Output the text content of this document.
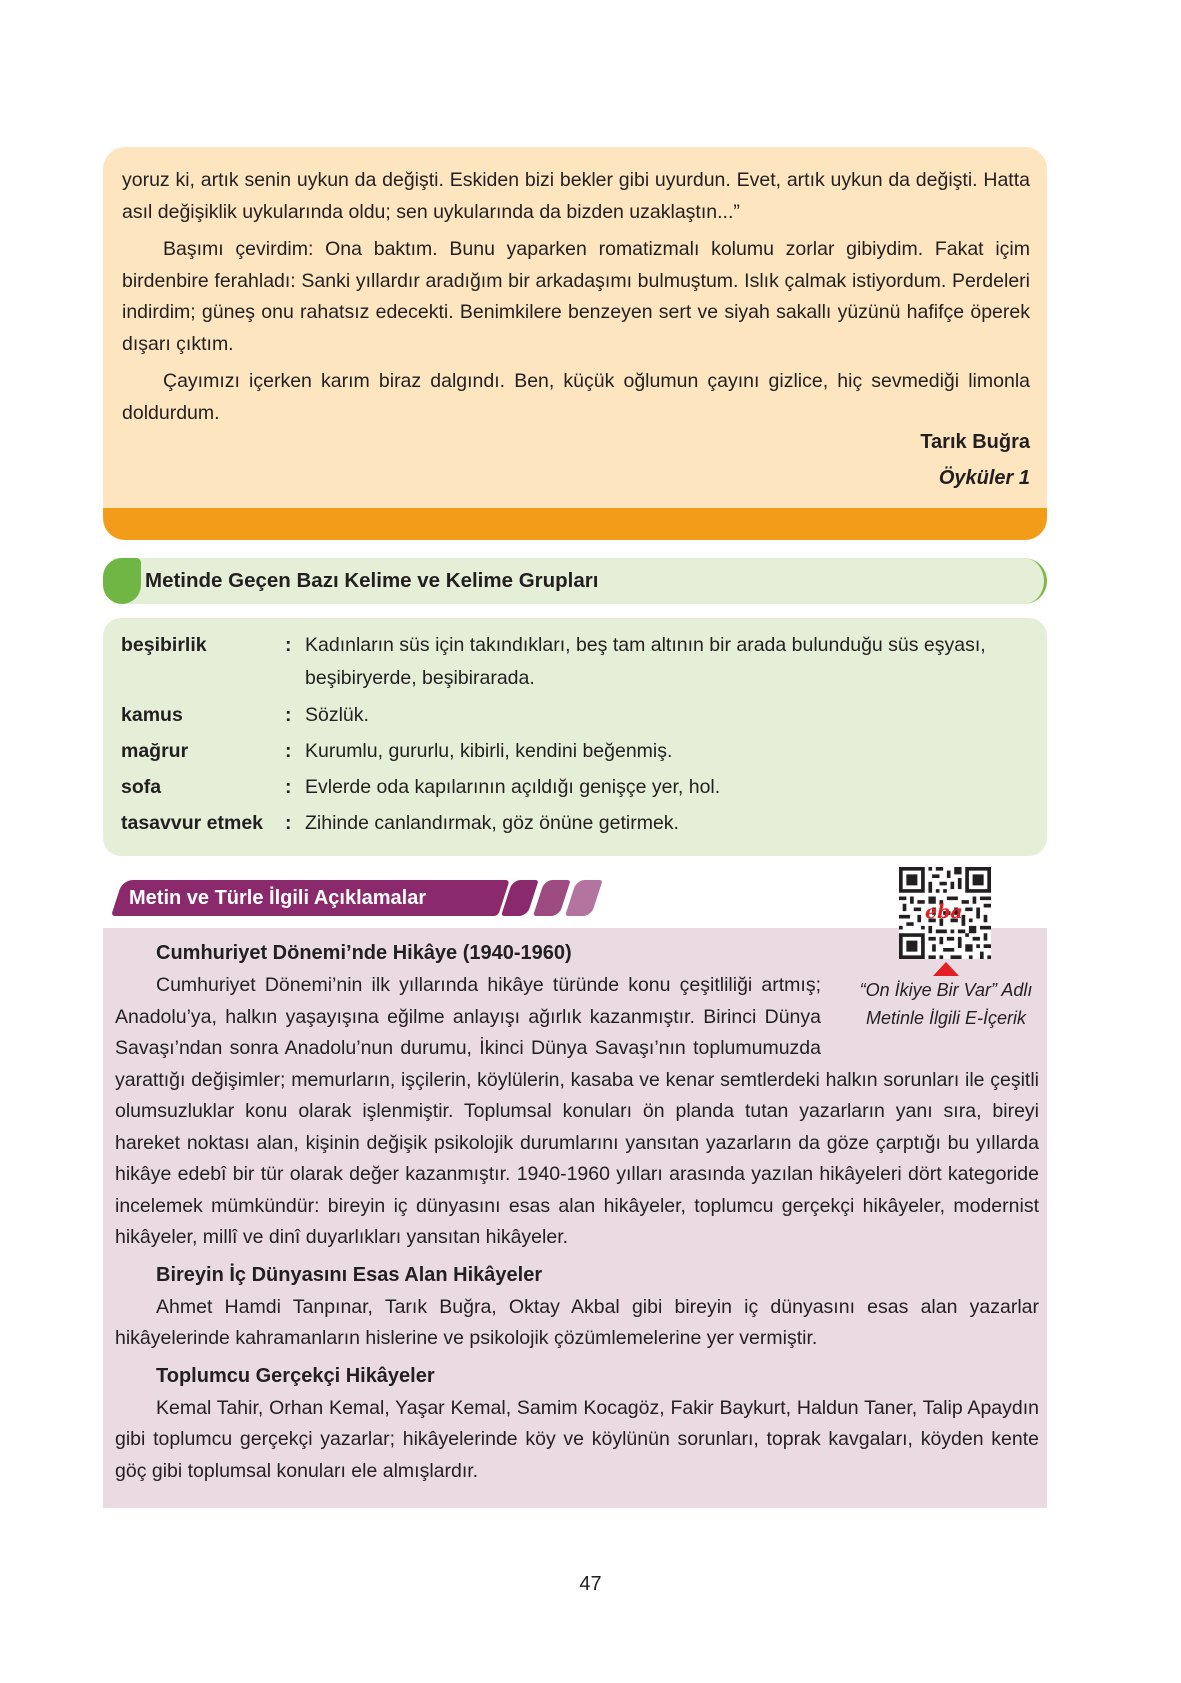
yoruz ki, artık senin uykun da değişti. Eskiden bizi bekler gibi uyurdun. Evet, artık uykun da değişti. Hatta asıl değişiklik uykularında oldu; sen uykularında da bizden uzaklaştın...”

Başımı çevirdim: Ona baktım. Bunu yaparken romatizmalı kolumu zorlar gibiydim. Fakat içim birdenbire ferahladı: Sanki yıllardır aradığım bir arkadaşımı bulmuştum. Islık çalmak istiyordum. Perdeleri indirdim; güneş onu rahatsız edecekti. Benimkilere benzeyen sert ve siyah sakallı yüzünü hafifçe öperek dışarı çıktım.

Çayımızı içerken karım biraz dalgındı. Ben, küçük oğlumun çayını gizlice, hiç sevmediği limonla doldurdum.

Tarık Buğra
Öyküler 1
Metinde Geçen Bazı Kelime ve Kelime Grupları
beşibirlik	: Kadınların süs için takındıkları, beş tam altının bir arada bulunduğu süs eşyası, beşibiryerde, beşibirarada.
kamus	: Sözlük.
mağrur	: Kurumlu, gururlu, kibirli, kendini beğenmiş.
sofa	: Evlerde oda kapılarının açıldığı genişçe yer, hol.
tasavvur etmek : Zihinde canlandırmak, göz önüne getirmek.
Metin ve Türle İlgili Açıklamalar
Cumhuriyet Dönemi’nde Hikâye (1940-1960)

Cumhuriyet Dönemi’nin ilk yıllarında hikâye türünde konu çeşitliliği artmış; Anadolu’ya, halkın yaşayışına eğilme anlayışı ağırlık kazanmıştır. Birinci Dünya Savaşı’ndan sonra Anadolu’nun durumu, İkinci Dünya Savaşı’nın toplumumuzda yarattığı değişimler; memurların, işçilerin, köylülerin, kasaba ve kenar semtlerdeki halkın sorunları ile çeşitli olumsuzluklar konu olarak işlenmiştir. Toplumsal konuları ön planda tutan yazarların yanı sıra, bireyi hareket noktası alan, kişinin değişik psikolojik durumlarını yansıtan yazarların da göze çarptığı bu yıllarda hikâye edebî bir tür olarak değer kazanmıştır. 1940-1960 yılları arasında yazılan hikâyeleri dört kategoride incelemek mümkündür: bireyin iç dünyasını esas alan hikâyeler, toplumcu gerçekçi hikâyeler, modernist hikâyeler, millî ve dinî duyarlıkları yansıtan hikâyeler.

Bireyin İç Dünyasını Esas Alan Hikâyeler

Ahmet Hamdi Tanpınar, Tarık Buğra, Oktay Akbal gibi bireyin iç dünyasını esas alan yazarlar hikâyelerinde kahramanların hislerine ve psikolojik çözümlemelerine yer vermiştir.

Toplumcu Gerçekçi Hikâyeler

Kemal Tahir, Orhan Kemal, Yaşar Kemal, Samim Kocagöz, Fakir Baykurt, Haldun Taner, Talip Apaydın gibi toplumcu gerçekçi yazarlar; hikâyelerinde köy ve köylünün sorunları, toprak kavgaları, köyden kente göç gibi toplumsal konuları ele almışlardır.

eba
“On İkiye Bir Var” Adlı Metinle İlgili E-İçerik
47
